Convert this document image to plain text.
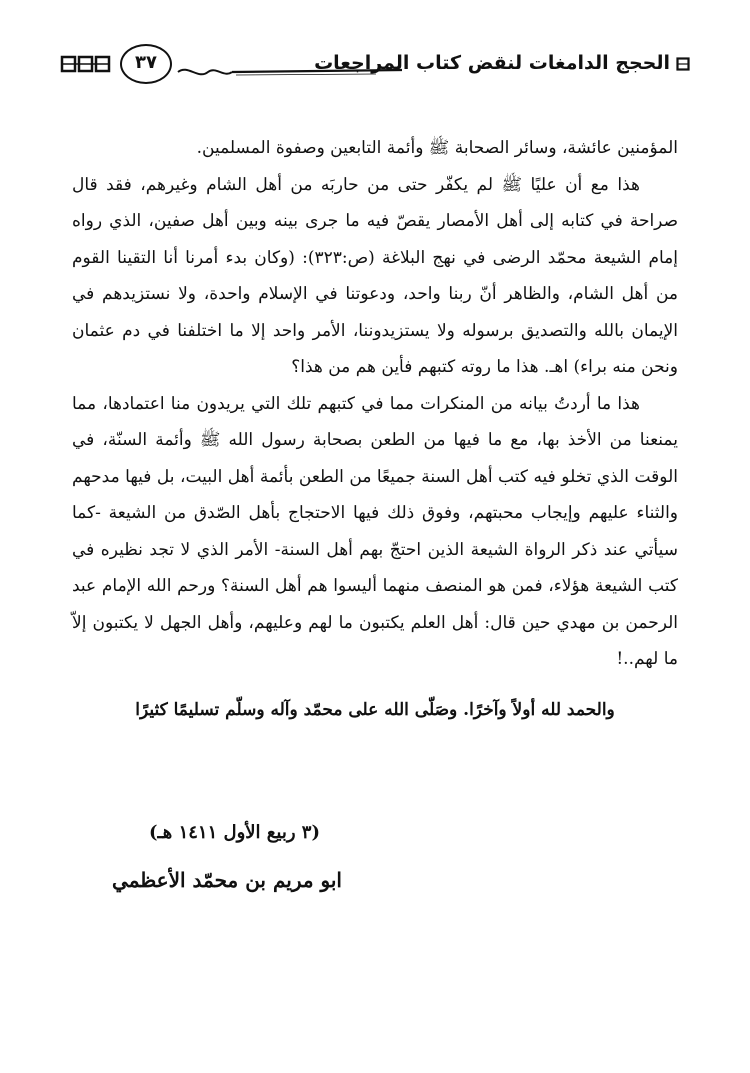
٣٧	الحجج الدامغات لنقض كتاب المراجعات

المؤمنين عائشة، وسائر الصحابة ﷺ وأئمة التابعين وصفوة المسلمين.

هذا مع أن عليًا ﷺ لم يكفّر حتى من حاربَه من أهل الشام وغيرهم، فقد قال صراحة في كتابه إلى أهل الأمصار يقصّ فيه ما جرى بينه وبين أهل صفين، الذي رواه إمام الشيعة محمّد الرضى في نهج البلاغة (ص:٣٢٣): (وكان بدء أمرنا أنا التقينا القوم من أهل الشام، والظاهر أنّ ربنا واحد، ودعوتنا في الإسلام واحدة، ولا نستزيدهم في الإيمان بالله والتصديق برسوله ولا يستزيدوننا، الأمر واحد إلا ما اختلفنا في دم عثمان ونحن منه براء) اهـ. هذا ما روته كتبهم فأين هم من هذا؟

هذا ما أردتُ بيانه من المنكرات مما في كتبهم تلك التي يريدون منا اعتمادها، مما يمنعنا من الأخذ بها، مع ما فيها من الطعن بصحابة رسول الله ﷺ وأئمة السنّة، في الوقت الذي تخلو فيه كتب أهل السنة جميعًا من الطعن بأئمة أهل البيت، بل فيها مدحهم والثناء عليهم وإيجاب محبتهم، وفوق ذلك فيها الاحتجاج بأهل الصّدق من الشيعة -كما سيأتي عند ذكر الرواة الشيعة الذين احتجّ بهم أهل السنة- الأمر الذي لا تجد نظيره في كتب الشيعة هؤلاء، فمن هو المنصف منهما أليسوا هم أهل السنة؟ ورحم الله الإمام عبد الرحمن بن مهدي حين قال: أهل العلم يكتبون ما لهم وعليهم، وأهل الجهل لا يكتبون إلاّ ما لهم..!

والحمد لله أولاً وآخرًا. وصَلّى الله على محمّد وآله وسلّم تسليمًا كثيرًا

(٣ ربيع الأول ١٤١١ هـ)
ابو مريم بن محمّد الأعظمي
